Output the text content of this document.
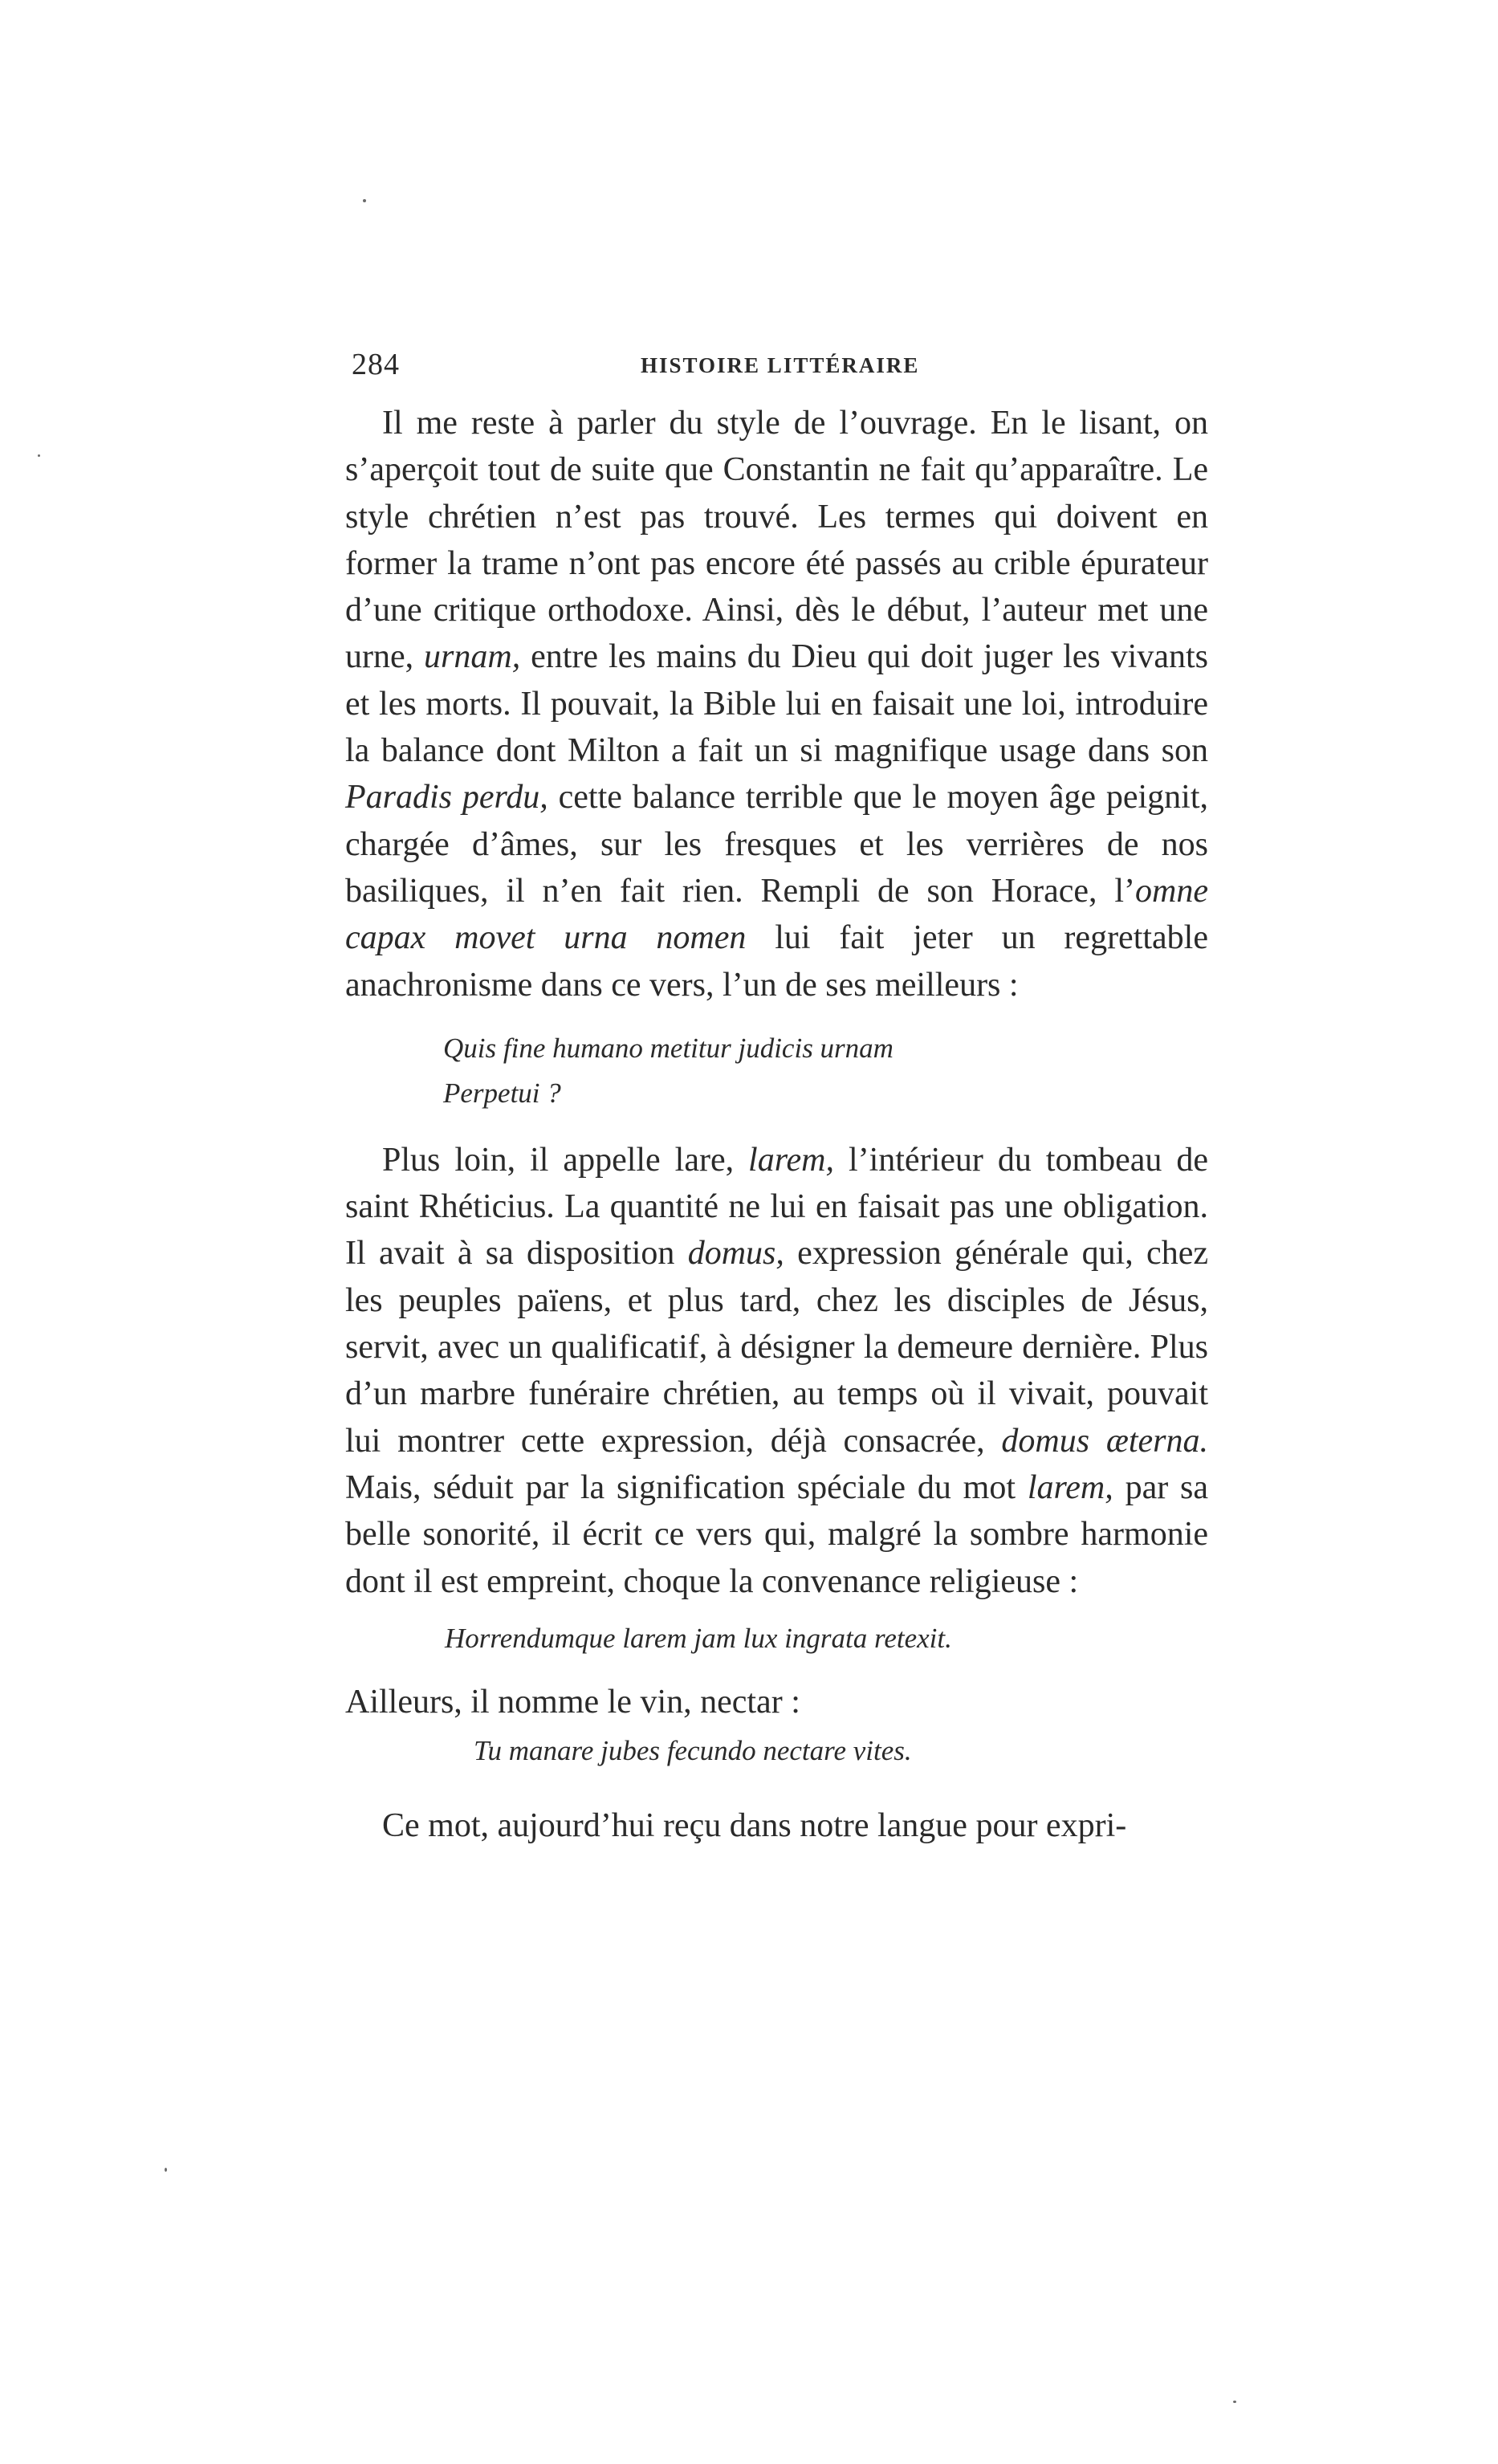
284	HISTOIRE LITTÉRAIRE

Il me reste à parler du style de l’ouvrage. En le lisant, on s’aperçoit tout de suite que Constantin ne fait qu’apparaître. Le style chrétien n’est pas trouvé. Les termes qui doivent en former la trame n’ont pas encore été passés au crible épurateur d’une critique orthodoxe. Ainsi, dès le début, l’auteur met une urne, urnam, entre les mains du Dieu qui doit juger les vivants et les morts. Il pouvait, la Bible lui en faisait une loi, introduire la balance dont Milton a fait un si magnifique usage dans son Paradis perdu, cette balance terrible que le moyen âge peignit, chargée d’âmes, sur les fresques et les verrières de nos basiliques, il n’en fait rien. Rempli de son Horace, l’omne capax movet urna nomen lui fait jeter un regrettable anachronisme dans ce vers, l’un de ses meilleurs :

Quis fine humano metitur judicis urnam

Perpetui ?

Plus loin, il appelle lare, larem, l’intérieur du tombeau de saint Rhéticius. La quantité ne lui en faisait pas une obligation. Il avait à sa disposition domus, expression générale qui, chez les peuples païens, et plus tard, chez les disciples de Jésus, servit, avec un qualificatif, à désigner la demeure dernière. Plus d’un marbre funéraire chrétien, au temps où il vivait, pouvait lui montrer cette expression, déjà consacrée, domus æterna. Mais, séduit par la signification spéciale du mot larem, par sa belle sonorité, il écrit ce vers qui, malgré la sombre harmonie dont il est empreint, choque la convenance religieuse :

Horrendumque larem jam lux ingrata retexit.

Ailleurs, il nomme le vin, nectar :

Tu manare jubes fecundo nectare vites.

Ce mot, aujourd’hui reçu dans notre langue pour expri-
